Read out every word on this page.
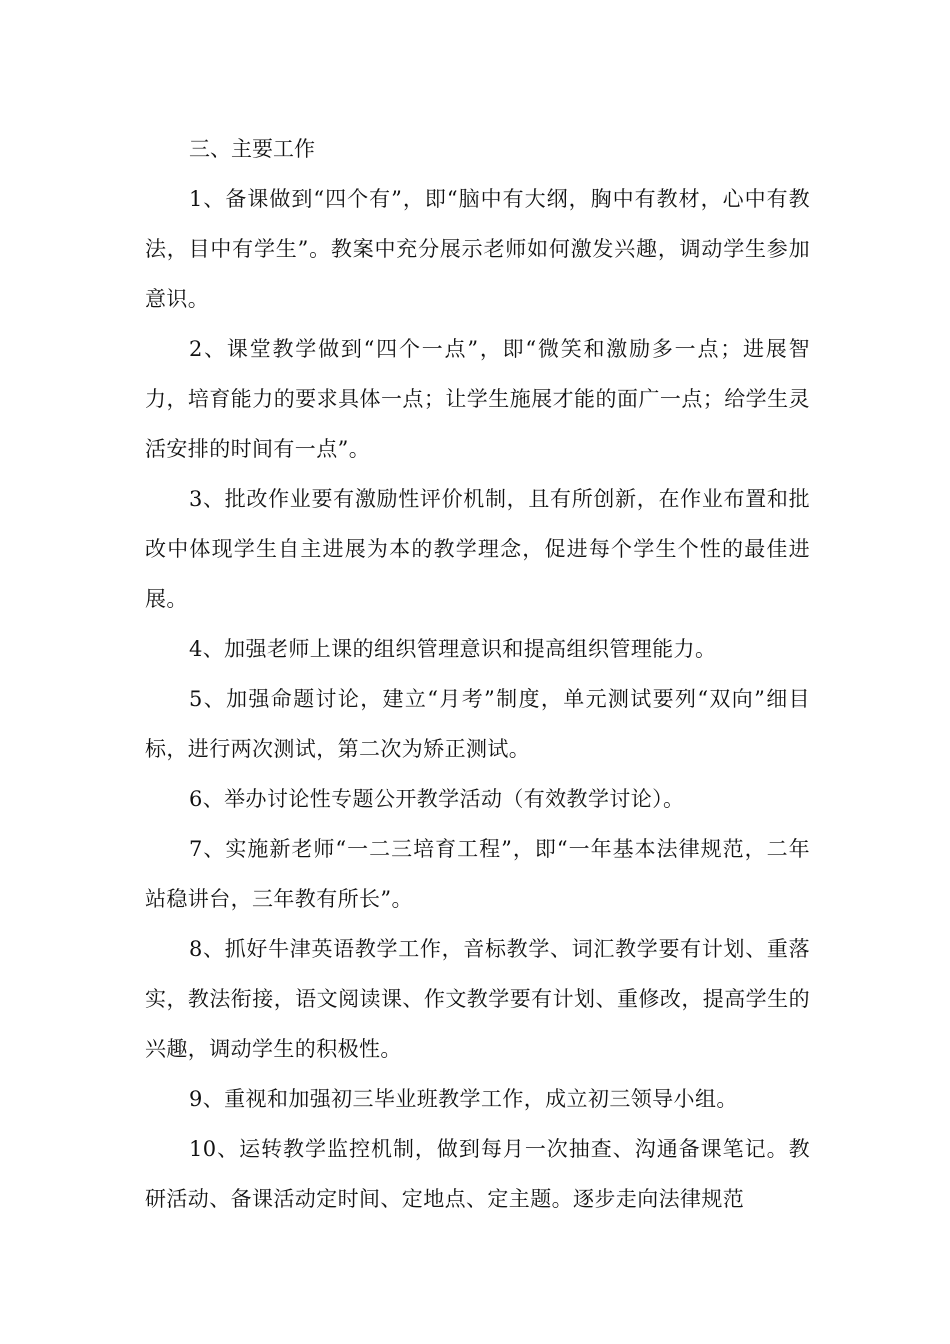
三、主要工作

1、备课做到“四个有”，即“脑中有大纲，胸中有教材，心中有教法，目中有学生”。教案中充分展示老师如何激发兴趣，调动学生参加意识。

2、课堂教学做到“四个一点”，即“微笑和激励多一点；进展智力，培育能力的要求具体一点；让学生施展才能的面广一点；给学生灵活安排的时间有一点”。

3、批改作业要有激励性评价机制，且有所创新，在作业布置和批改中体现学生自主进展为本的教学理念，促进每个学生个性的最佳进展。

4、加强老师上课的组织管理意识和提高组织管理能力。

5、加强命题讨论，建立“月考”制度，单元测试要列“双向”细目标，进行两次测试，第二次为矫正测试。

6、举办讨论性专题公开教学活动（有效教学讨论）。

7、实施新老师“一二三培育工程”，即“一年基本法律规范，二年站稳讲台，三年教有所长”。

8、抓好牛津英语教学工作，音标教学、词汇教学要有计划、重落实，教法衔接，语文阅读课、作文教学要有计划、重修改，提高学生的兴趣，调动学生的积极性。

9、重视和加强初三毕业班教学工作，成立初三领导小组。

10、运转教学监控机制，做到每月一次抽查、沟通备课笔记。教研活动、备课活动定时间、定地点、定主题。逐步走向法律规范
